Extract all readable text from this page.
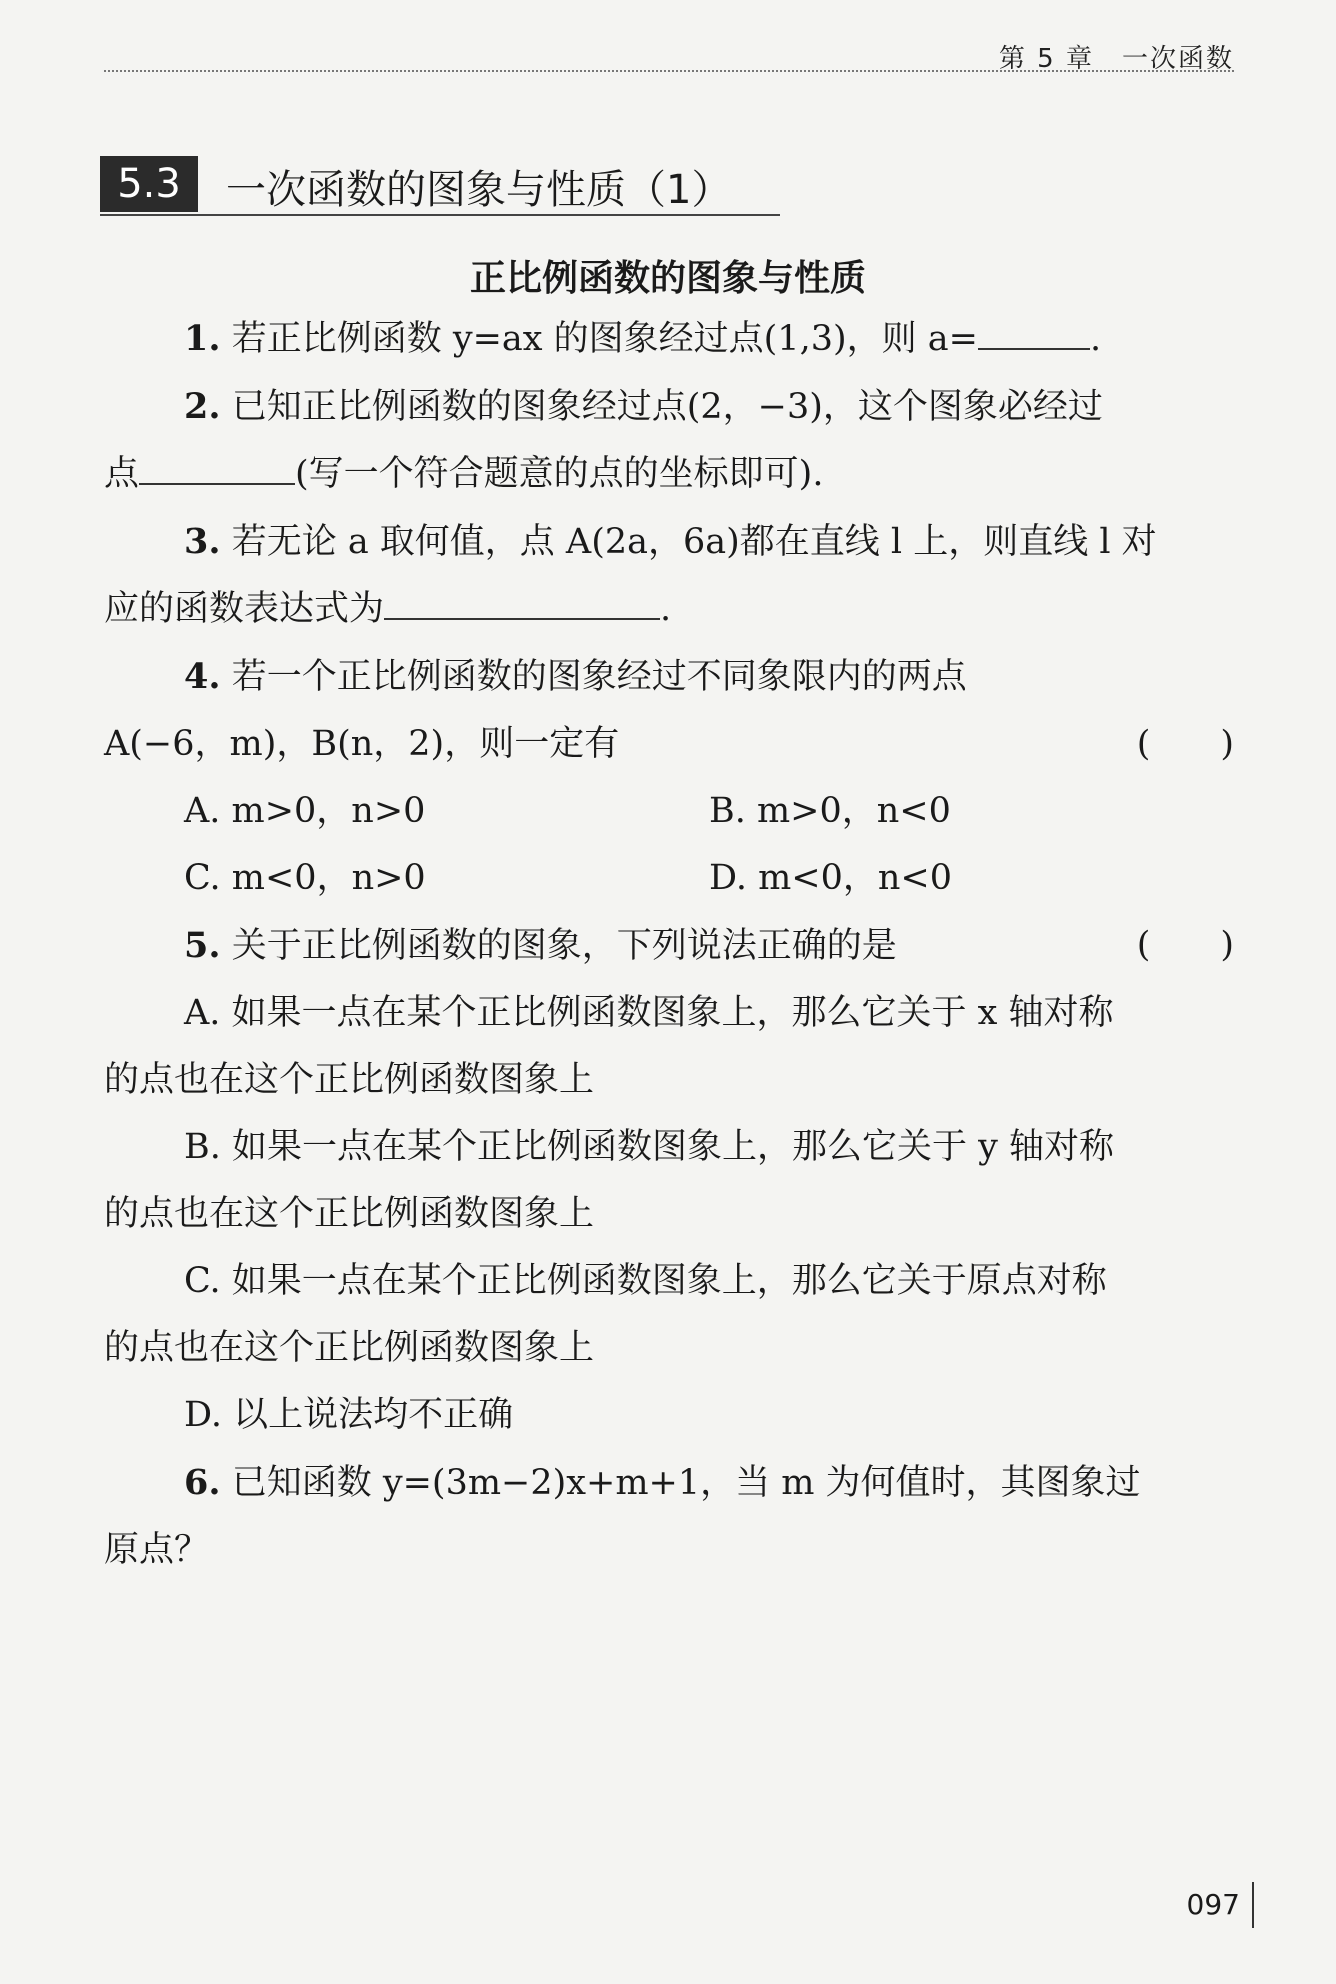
第 5 章　一次函数
5.3	一次函数的图象与性质（1）
正比例函数的图象与性质

1. 若正比例函数 y=ax 的图象经过点(1,3)，则 a=	.

2. 已知正比例函数的图象经过点(2，−3)，这个图象必经过

点	(写一个符合题意的点的坐标即可).

3. 若无论 a 取何值，点 A(2a，6a)都在直线 l 上，则直线 l 对

应的函数表达式为	.

4. 若一个正比例函数的图象经过不同象限内的两点

A(−6，m)，B(n，2)，则一定有	(　　)
A. m>0，n>0	B. m>0，n<0
C. m<0，n>0	D. m<0，n<0
5. 关于正比例函数的图象，下列说法正确的是	(　　)

A. 如果一点在某个正比例函数图象上，那么它关于 x 轴对称

的点也在这个正比例函数图象上

B. 如果一点在某个正比例函数图象上，那么它关于 y 轴对称

的点也在这个正比例函数图象上

C. 如果一点在某个正比例函数图象上，那么它关于原点对称

的点也在这个正比例函数图象上

D. 以上说法均不正确

6. 已知函数 y=(3m−2)x+m+1，当 m 为何值时，其图象过

原点？

097
